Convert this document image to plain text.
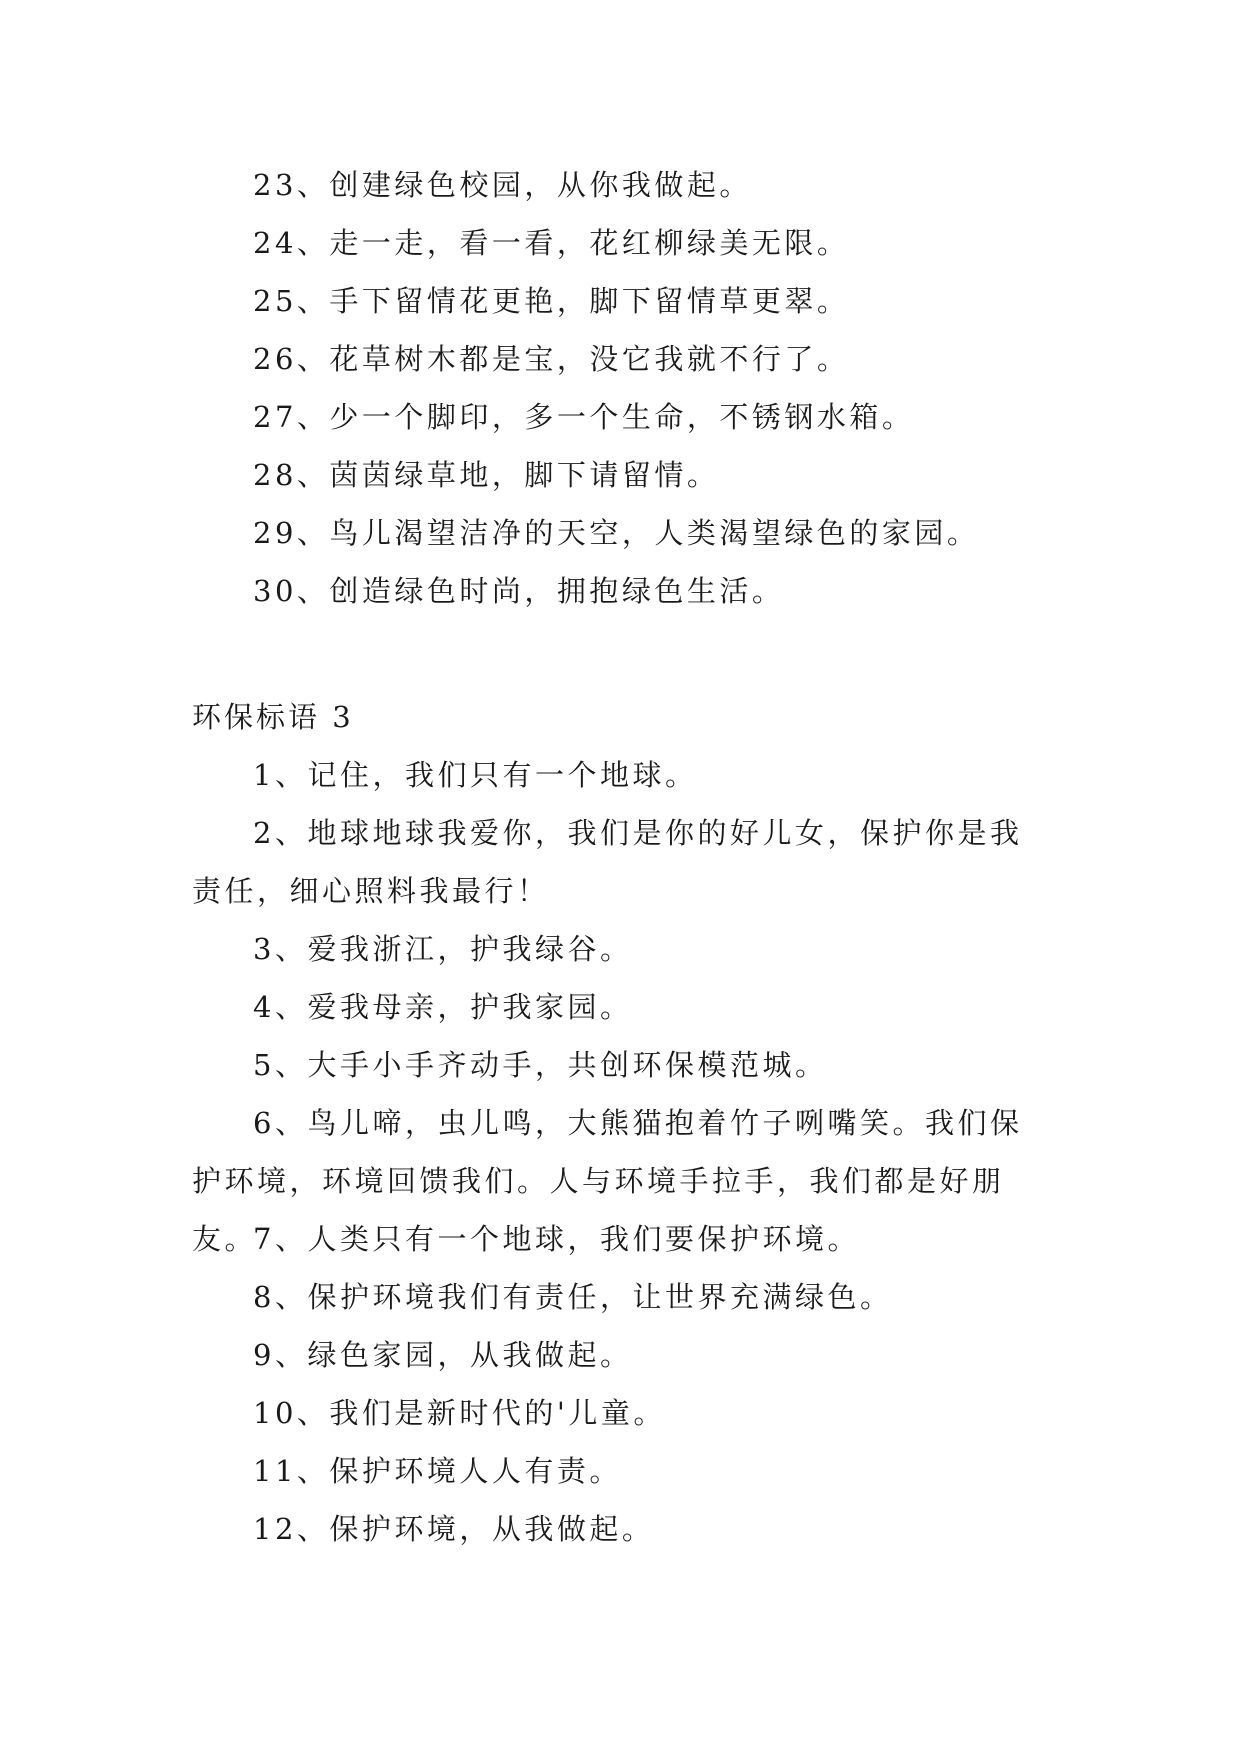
23、创建绿色校园，从你我做起。
24、走一走，看一看，花红柳绿美无限。
25、手下留情花更艳，脚下留情草更翠。
26、花草树木都是宝，没它我就不行了。
27、少一个脚印，多一个生命，不锈钢水箱。
28、茵茵绿草地，脚下请留情。
29、鸟儿渴望洁净的天空，人类渴望绿色的家园。
30、创造绿色时尚，拥抱绿色生活。
环保标语 3
1、记住，我们只有一个地球。
2、地球地球我爱你，我们是你的好儿女，保护你是我责任，细心照料我最行！
3、爱我浙江，护我绿谷。
4、爱我母亲，护我家园。
5、大手小手齐动手，共创环保模范城。
6、鸟儿啼，虫儿鸣，大熊猫抱着竹子咧嘴笑。我们保护环境，环境回馈我们。人与环境手拉手，我们都是好朋友。
7、人类只有一个地球，我们要保护环境。
8、保护环境我们有责任，让世界充满绿色。
9、绿色家园，从我做起。
10、我们是新时代的'儿童。
11、保护环境人人有责。
12、保护环境，从我做起。
